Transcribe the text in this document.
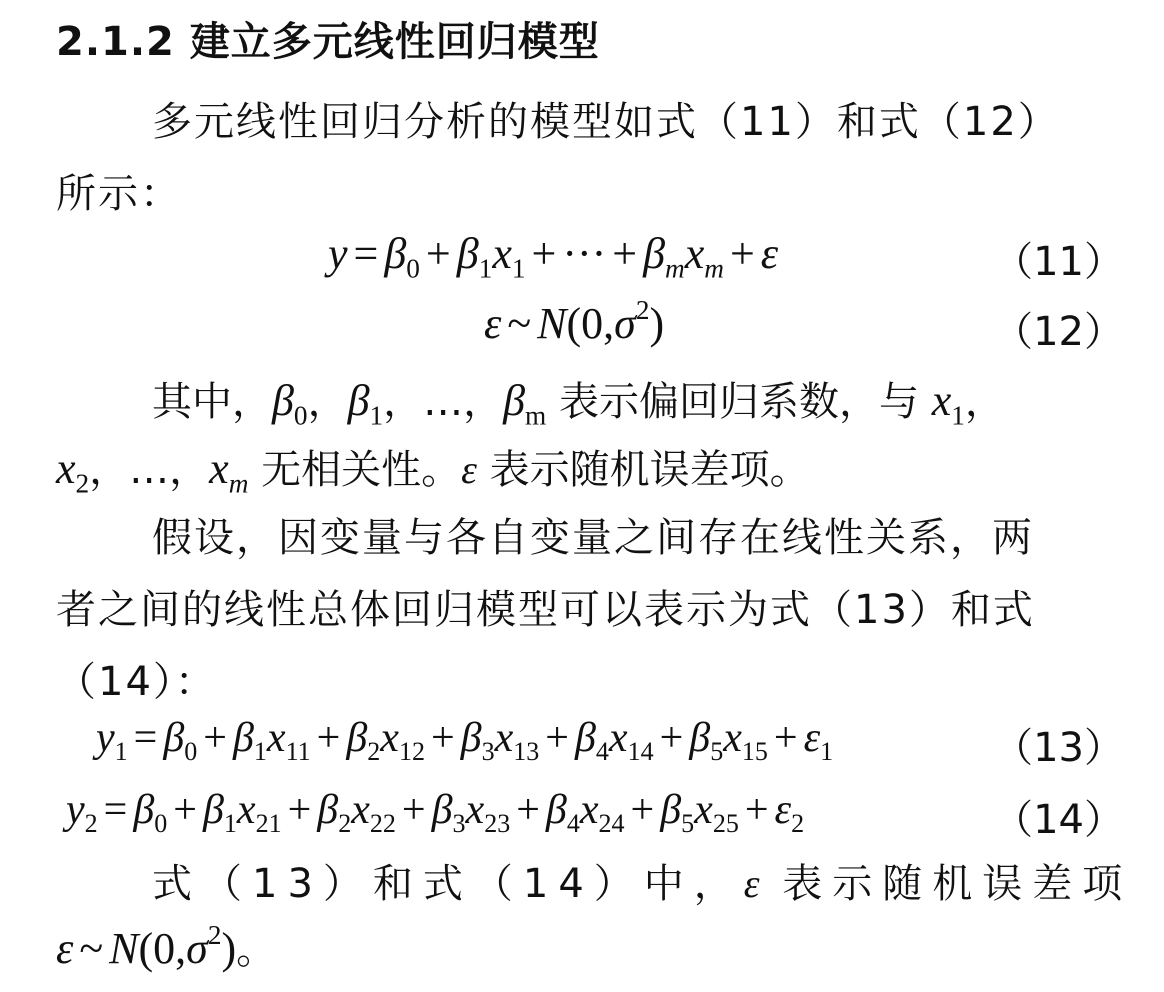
2.1.2 建立多元线性回归模型
多元线性回归分析的模型如式（11）和式（12）
所示：
$y = \beta_0 + \beta_1x_1$ + ··· + $\beta_mx_m + \varepsilon$	（11）
ε ~ $N(0,\sigma^2)$	（12）
其中，$\beta_0$，$\beta_1$，…，$\beta_m$ 表示偏回归系数，与 $x_1$，
$x_2$，…，$x_m$ 无相关性。ε 表示随机误差项。
假设，因变量与各自变量之间存在线性关系，两
者之间的线性总体回归模型可以表示为式（13）和式
（14）：
$y_1 = \beta_0 + \beta_1x_{11} + \beta_2x_{12} + \beta_3x_{13} + \beta_4x_{14} + \beta_5x_{15} + \varepsilon_1$	（13）
$y_2 = \beta_0 + \beta_1x_{21} + \beta_2x_{22} + \beta_3x_{23} + \beta_4x_{24} + \beta_5x_{25} + \varepsilon_2$	（14）
式（13）和式（14）中，ε 表示随机误差项
ε ~ $N(0,\sigma^2)$。
